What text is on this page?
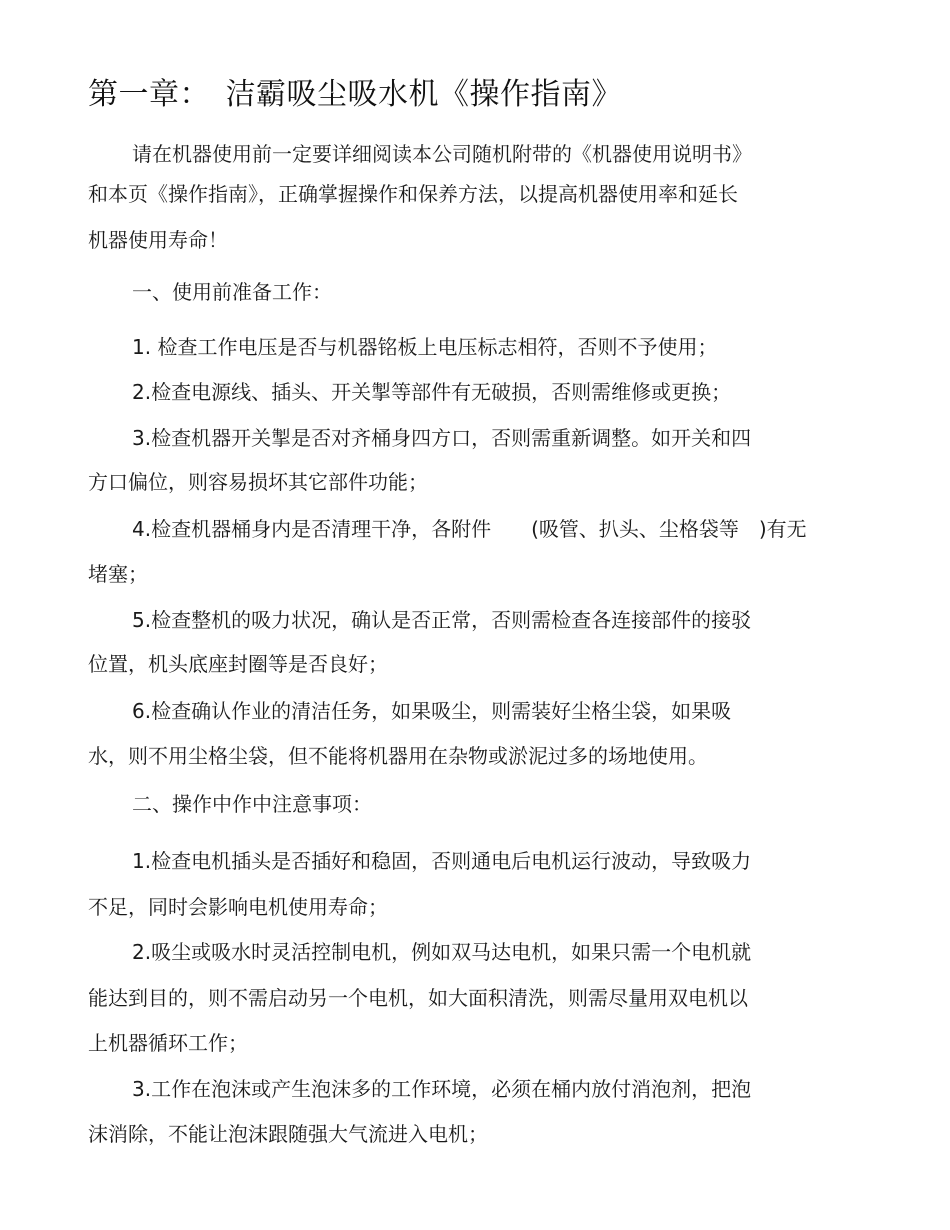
第一章：　洁霸吸尘吸水机《操作指南》
请在机器使用前一定要详细阅读本公司随机附带的《机器使用说明书》
和本页《操作指南》，正确掌握操作和保养方法，以提高机器使用率和延长
机器使用寿命！
一、使用前准备工作：
1. 检查工作电压是否与机器铭板上电压标志相符，否则不予使用；
2.检查电源线、插头、开关掣等部件有无破损，否则需维修或更换；
3.检查机器开关掣是否对齐桶身四方口，否则需重新调整。如开关和四
方口偏位，则容易损坏其它部件功能；
4.检查机器桶身内是否清理干净，各附件　　(吸管、扒头、尘格袋等　)有无
堵塞；
5.检查整机的吸力状况，确认是否正常，否则需检查各连接部件的接驳
位置，机头底座封圈等是否良好；
6.检查确认作业的清洁任务，如果吸尘，则需装好尘格尘袋，如果吸
水，则不用尘格尘袋，但不能将机器用在杂物或淤泥过多的场地使用。
二、操作中作中注意事项：
1.检查电机插头是否插好和稳固，否则通电后电机运行波动，导致吸力
不足，同时会影响电机使用寿命；
2.吸尘或吸水时灵活控制电机，例如双马达电机，如果只需一个电机就
能达到目的，则不需启动另一个电机，如大面积清洗，则需尽量用双电机以
上机器循环工作；
3.工作在泡沫或产生泡沫多的工作环境，必须在桶内放付消泡剂，把泡
沫消除，不能让泡沫跟随强大气流进入电机；
